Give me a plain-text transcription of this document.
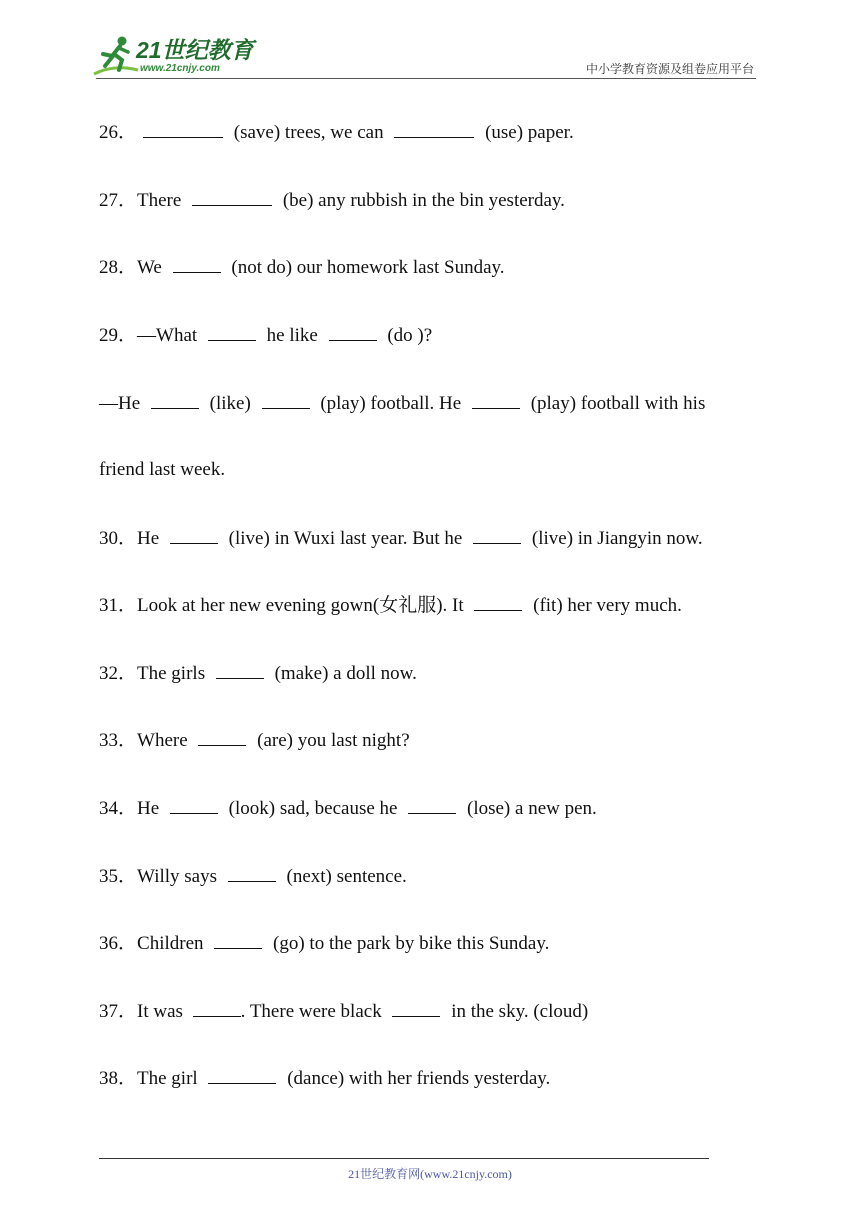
21世纪教育
www.21cnjy.com	中小学教育资源及组卷应用平台
26．	(save) trees, we can	(use) paper.
27．There	(be) any rubbish in the bin yesterday.
28．We	(not do) our homework last Sunday.
29．—What	he like	(do )?
—He	(like)	(play) football. He	(play) football with his
friend last week.
30．He	(live) in Wuxi last year. But he	(live) in Jiangyin now.
31．Look at her new evening gown(女礼服). It	(fit) her very much.
32．The girls	(make) a doll now.
33．Where	(are) you last night?
34．He	(look) sad, because he	(lose) a new pen.
35．Willy says	(next) sentence.
36．Children	(go) to the park by bike this Sunday.
37．It was	. There were black	in the sky. (cloud)
38．The girl	(dance) with her friends yesterday.
21世纪教育网(www.21cnjy.com)
